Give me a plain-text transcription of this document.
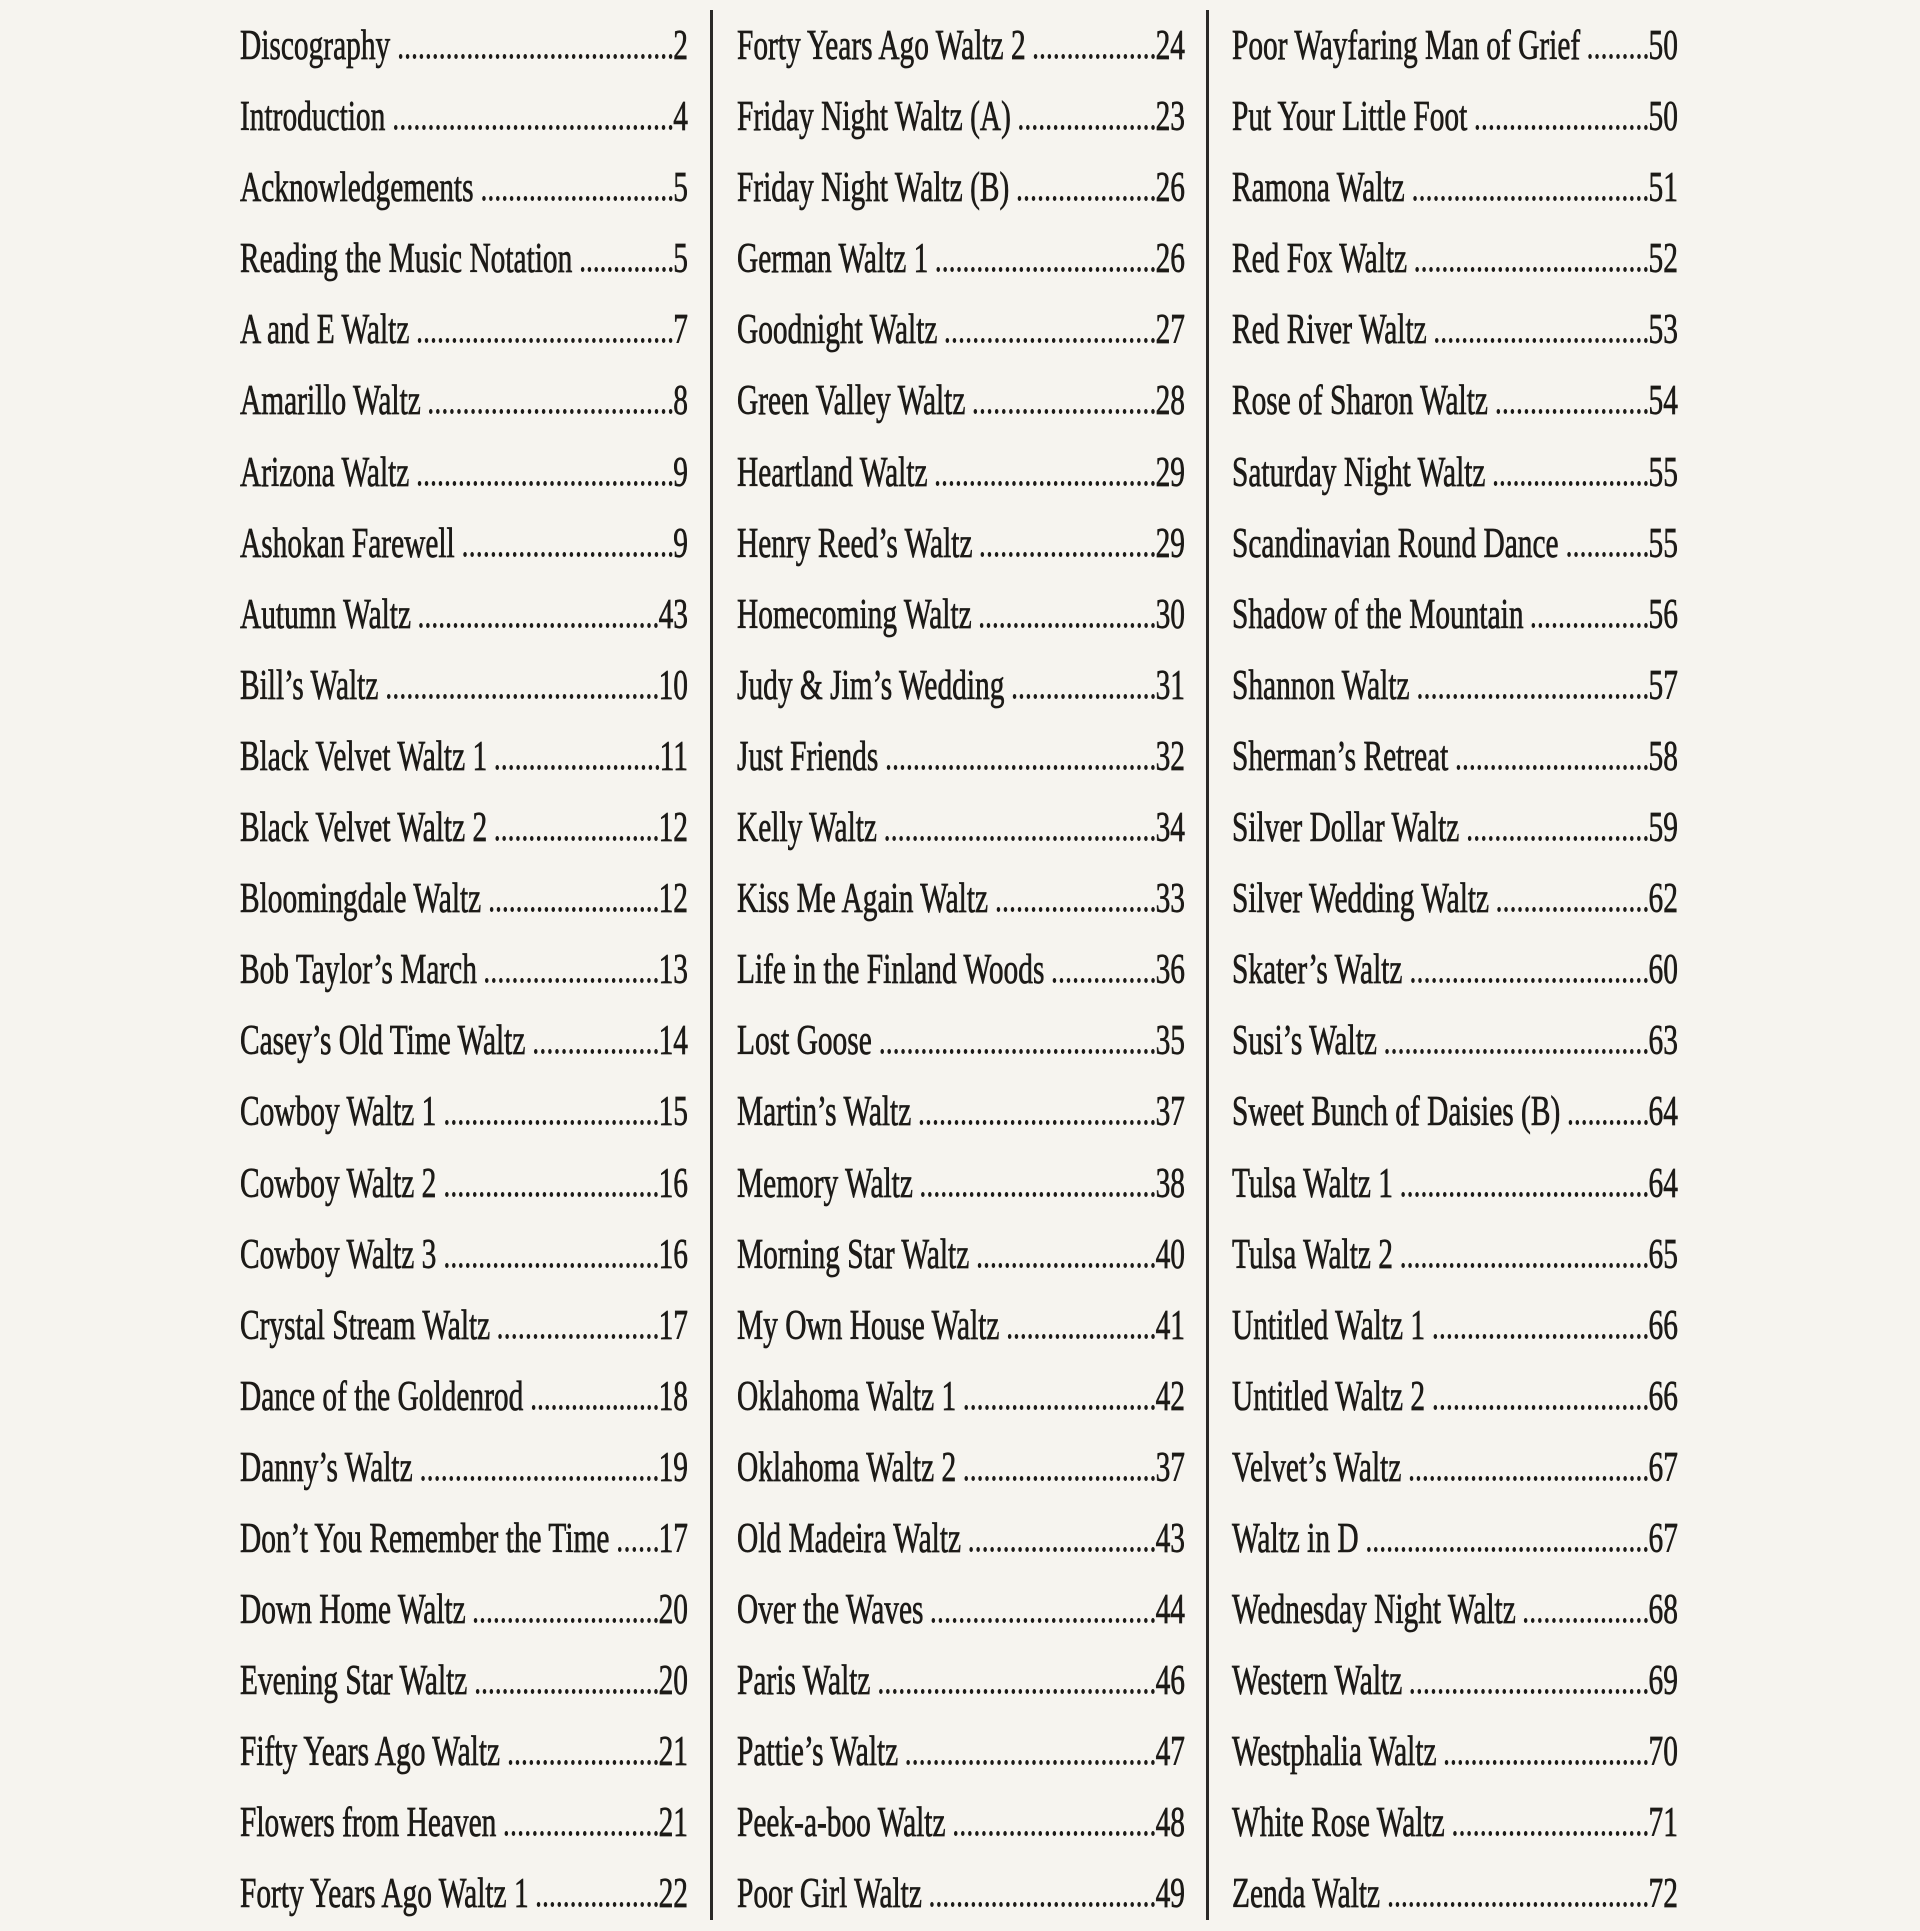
Discography	2
Introduction	4
Acknowledgements	5
Reading the Music Notation 5
A and E Waltz	7
Amarillo Waltz	8
Arizona Waltz	9
Ashokan Farewell	9
Autumn Waltz	43
Bill’s Waltz	10
Black Velvet Waltz 1	11
Black Velvet Waltz 2	12
Bloomingdale Waltz	12
Bob Taylor’s March	13
Casey’s Old Time Waltz	14
Cowboy Waltz 1	15
Cowboy Waltz 2	16
Cowboy Waltz 3	16
Crystal Stream Waltz	17
Dance of the Goldenrod	18
Danny’s Waltz	19
Don’t You Remember the Time 17
Down Home Waltz	20
Evening Star Waltz	20
Fifty Years Ago Waltz	21
Flowers from Heaven	21
Forty Years Ago Waltz 1	22
Forty Years Ago Waltz 2	24
Friday Night Waltz (A)	23
Friday Night Waltz (B)	26
German Waltz 1	26
Goodnight Waltz	27
Green Valley Waltz	28
Heartland Waltz	29
Henry Reed’s Waltz	29
Homecoming Waltz	30
Judy & Jim’s Wedding	31
Just Friends	32
Kelly Waltz	34
Kiss Me Again Waltz	33
Life in the Finland Woods	36
Lost Goose	35
Martin’s Waltz	37
Memory Waltz	38
Morning Star Waltz	40
My Own House Waltz	41
Oklahoma Waltz 1	42
Oklahoma Waltz 2	37
Old Madeira Waltz	43
Over the Waves	44
Paris Waltz	46
Pattie’s Waltz	47
Peek-a-boo Waltz	48
Poor Girl Waltz	49
Poor Wayfaring Man of Grief 50
Put Your Little Foot	50
Ramona Waltz	51
Red Fox Waltz	52
Red River Waltz	53
Rose of Sharon Waltz	54
Saturday Night Waltz	55
Scandinavian Round Dance 55
Shadow of the Mountain	56
Shannon Waltz	57
Sherman’s Retreat	58
Silver Dollar Waltz	59
Silver Wedding Waltz	62
Skater’s Waltz	60
Susi’s Waltz	63
Sweet Bunch of Daisies (B) 64
Tulsa Waltz 1	64
Tulsa Waltz 2	65
Untitled Waltz 1	66
Untitled Waltz 2	66
Velvet’s Waltz	67
Waltz in D	67
Wednesday Night Waltz	68
Western Waltz	69
Westphalia Waltz	70
White Rose Waltz	71
Zenda Waltz	72
